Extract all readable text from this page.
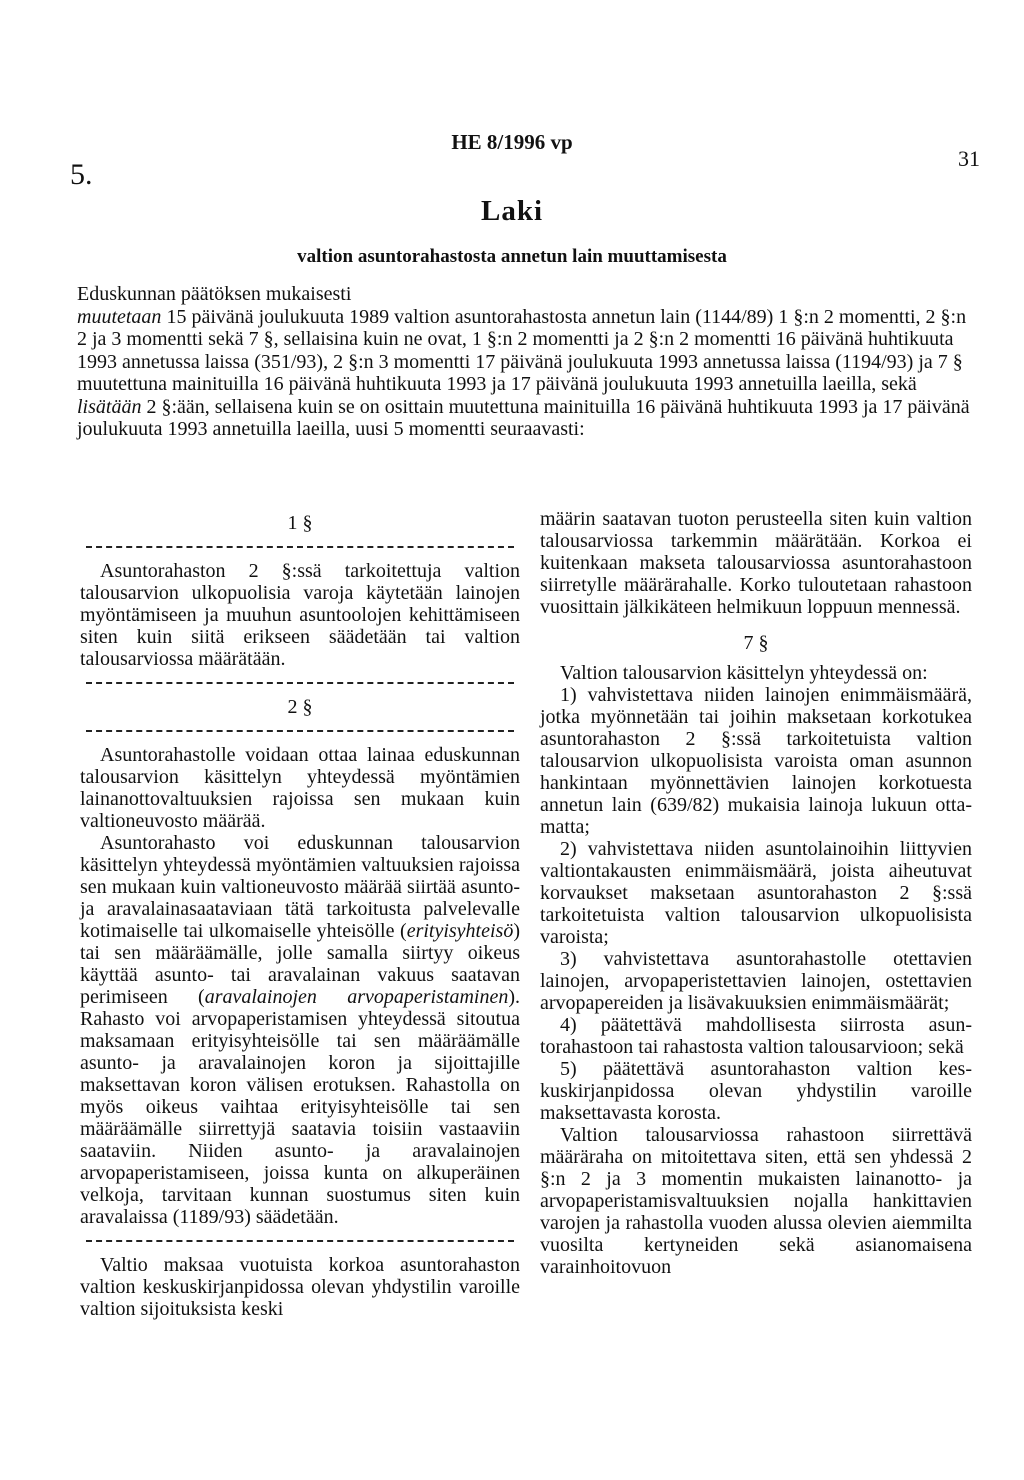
5.
HE 8/1996 vp
31
Laki
valtion asuntorahastosta annetun lain muuttamisesta

Eduskunnan päätöksen mukaisesti

muutetaan 15 päivänä joulukuuta 1989 valtion asuntorahastosta annetun lain (1144/89) 1 §:n 2 momentti, 2 §:n 2 ja 3 momentti sekä 7 §, sellaisina kuin ne ovat, 1 §:n 2 momentti ja 2 §:n 2 momentti 16 päivänä huhtikuuta 1993 annetussa laissa (351/93), 2 §:n 3 momentti 17 päivänä joulukuuta 1993 annetussa laissa (1194/93) ja 7 § muutettuna mainituilla 16 päivänä huhtikuuta 1993 ja 17 päivänä joulukuuta 1993 annetuilla laeilla, sekä

lisätään 2 §:ään, sellaisena kuin se on osittain muutettuna mainituilla 16 päivänä huhtikuuta 1993 ja 17 päivänä joulukuuta 1993 annetuilla laeilla, uusi 5 momentti seuraavasti:

1 §

Asuntorahaston 2 §:ssä tarkoitettuja valtion talousarvion ulkopuolisia varoja käytetään lainojen myöntämiseen ja muuhun asuntoolojen kehittämiseen siten kuin siitä erikseen säädetään tai valtion talousarviossa määrätään.

2 §

Asuntorahastolle voidaan ottaa lainaa eduskunnan talousarvion käsittelyn yhteydessä myöntämien lainanottovaltuuksien rajoissa sen mukaan kuin valtioneuvosto määrää.

Asuntorahasto voi eduskunnan talousarvion käsittelyn yhteydessä myöntämien valtuuksien rajoissa sen mukaan kuin valtioneuvosto määrää siirtää asunto- ja aravalainasaataviaan tätä tarkoitusta palvelevalle kotimaiselle tai ulkomaiselle yhteisölle (erityisyhteisö) tai sen määräämälle, jolle samalla siirtyy oikeus käyttää asunto- tai aravalainan vakuus saatavan perimiseen (aravalainojen arvopaperistaminen). Rahasto voi arvopaperistamisen yhteydessä sitoutua maksamaan erityisyhteisölle tai sen määräämälle asunto- ja aravalainojen koron ja sijoittajille maksettavan koron välisen erotuksen. Rahastolla on myös oikeus vaihtaa erityisyhteisölle tai sen määräämälle siirrettyjä saatavia toisiin vastaaviin saataviin. Niiden asunto- ja aravalainojen arvopaperistamiseen, joissa kunta on alkuperäinen velkoja, tarvitaan kunnan suostumus siten kuin aravalaissa (1189/93) säädetään.

Valtio maksaa vuotuista korkoa asuntorahaston valtion keskuskirjanpidossa olevan yhdystilin varoille valtion sijoituksista keski

määrin saatavan tuoton perusteella siten kuin valtion talousarviossa tarkemmin määrätään. Korkoa ei kuitenkaan makseta talousarviossa asuntorahastoon siirretylle määrärahalle. Korko tuloutetaan rahastoon vuosittain jälkikäteen helmikuun loppuun mennessä.

7 §

Valtion talousarvion käsittelyn yhteydessä on:

1) vahvistettava niiden lainojen enimmäismäärä, jotka myönnetään tai joihin maksetaan korkotukea asuntorahaston 2 §:ssä tarkoitetuista valtion talousarvion ulkopuolisista varoista oman asunnon hankintaan myönnettävien lainojen korkotuesta annetun lain (639/82) mukaisia lainoja lukuun ottamatta;

2) vahvistettava niiden asuntolainoihin liittyvien valtiontakausten enimmäismäärä, joista aiheutuvat korvaukset maksetaan asuntorahaston 2 §:ssä tarkoitetuista valtion talousarvion ulkopuolisista varoista;

3) vahvistettava asuntorahastolle otettavien lainojen, arvopaperistettavien lainojen, ostettavien arvopapereiden ja lisävakuuksien enimmäismäärät;

4) päätettävä mahdollisesta siirrosta asuntorahastoon tai rahastosta valtion talousarvioon; sekä

5) päätettävä asuntorahaston valtion keskuskirjanpidossa olevan yhdystilin varoille maksettavasta korosta.

Valtion talousarviossa rahastoon siirrettävä määräraha on mitoitettava siten, että sen yhdessä 2 §:n 2 ja 3 momentin mukaisten lainanotto- ja arvopaperistamisvaltuuksien nojalla hankittavien varojen ja rahastolla vuoden alussa olevien aiemmilta vuosilta kertyneiden sekä asianomaisena varainhoitovuon
